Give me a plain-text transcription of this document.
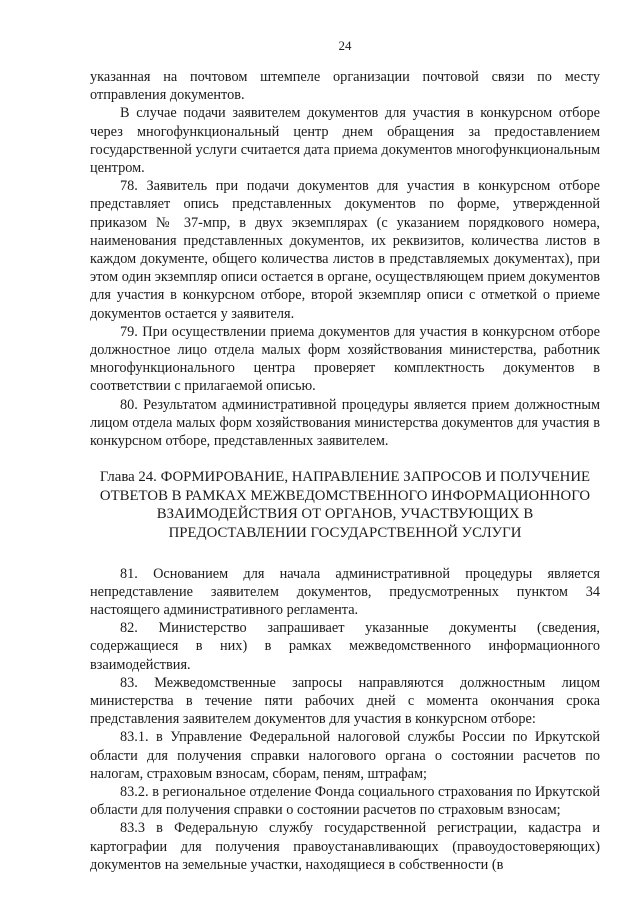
24

указанная на почтовом штемпеле организации почтовой связи по месту отправления документов.

В случае подачи заявителем документов для участия в конкурсном отборе через многофункциональный центр днем обращения за предоставлением государственной услуги считается дата приема документов многофункциональным центром.

78. Заявитель при подачи документов для участия в конкурсном отборе представляет опись представленных документов по форме, утвержденной приказом № 37-мпр, в двух экземплярах (с указанием порядкового номера, наименования представленных документов, их реквизитов, количества листов в каждом документе, общего количества листов в представляемых документах), при этом один экземпляр описи остается в органе, осуществляющем прием документов для участия в конкурсном отборе, второй экземпляр описи с отметкой о приеме документов остается у заявителя.

79. При осуществлении приема документов для участия в конкурсном отборе должностное лицо отдела малых форм хозяйствования министерства, работник многофункционального центра проверяет комплектность документов в соответствии с прилагаемой описью.

80. Результатом административной процедуры является прием должностным лицом отдела малых форм хозяйствования министерства документов для участия в конкурсном отборе, представленных заявителем.

Глава 24. ФОРМИРОВАНИЕ, НАПРАВЛЕНИЕ ЗАПРОСОВ И ПОЛУЧЕНИЕ
ОТВЕТОВ В РАМКАХ МЕЖВЕДОМСТВЕННОГО ИНФОРМАЦИОННОГО
ВЗАИМОДЕЙСТВИЯ ОТ ОРГАНОВ, УЧАСТВУЮЩИХ В
ПРЕДОСТАВЛЕНИИ ГОСУДАРСТВЕННОЙ УСЛУГИ

81. Основанием для начала административной процедуры является непредставление заявителем документов, предусмотренных пунктом 34 настоящего административного регламента.

82. Министерство запрашивает указанные документы (сведения, содержащиеся в них) в рамках межведомственного информационного взаимодействия.

83. Межведомственные запросы направляются должностным лицом министерства в течение пяти рабочих дней с момента окончания срока представления заявителем документов для участия в конкурсном отборе:

83.1. в Управление Федеральной налоговой службы России по Иркутской области для получения справки налогового органа о состоянии расчетов по налогам, страховым взносам, сборам, пеням, штрафам;

83.2. в региональное отделение Фонда социального страхования по Иркутской области для получения справки о состоянии расчетов по страховым взносам;

83.3 в Федеральную службу государственной регистрации, кадастра и картографии для получения правоустанавливающих (правоудостоверяющих) документов на земельные участки, находящиеся в собственности (в
